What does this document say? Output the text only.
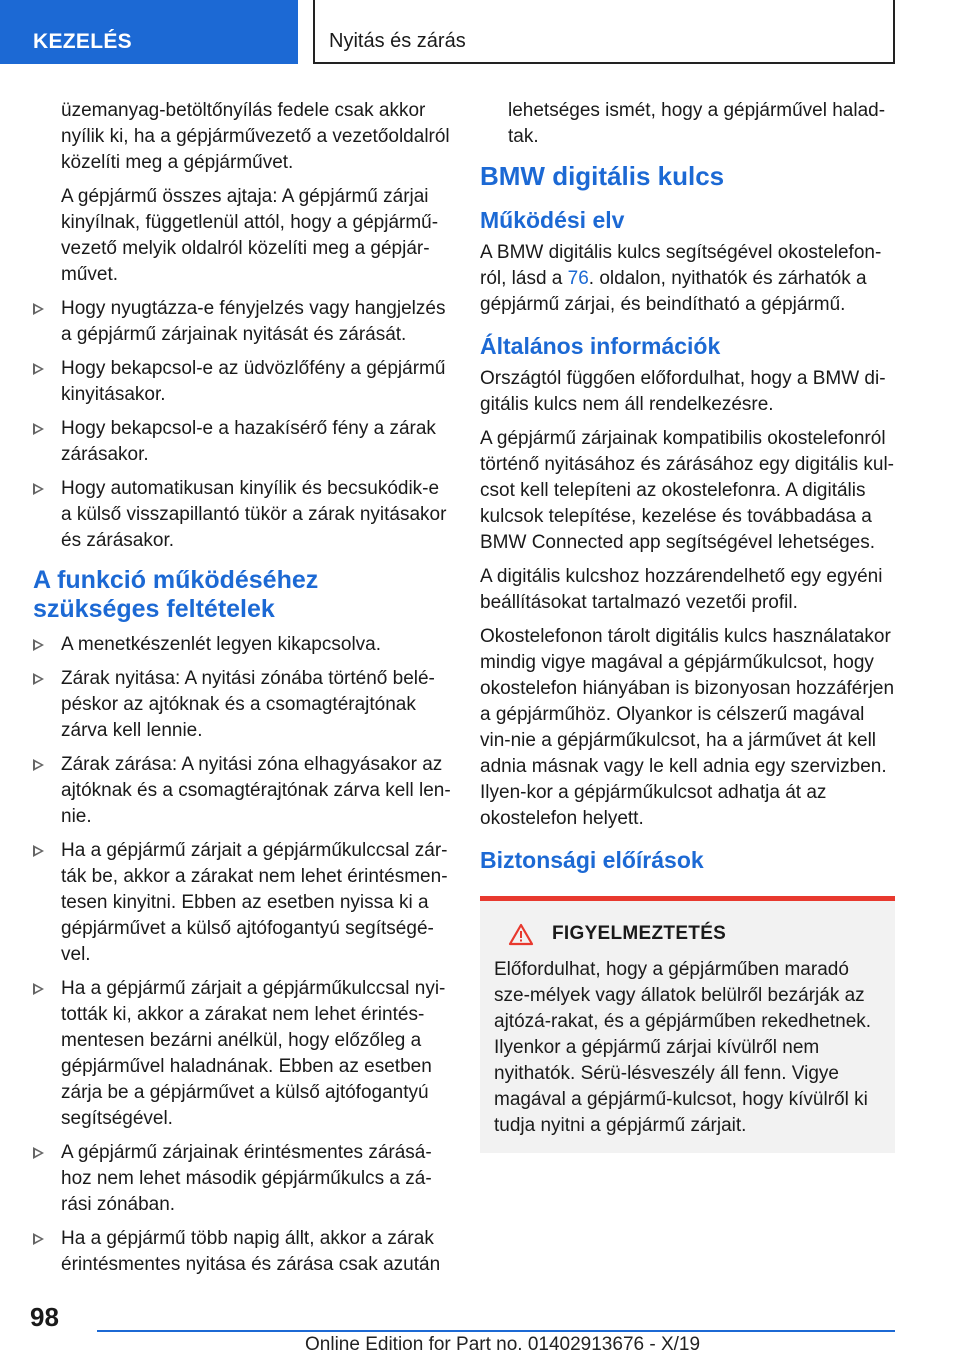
KEZELÉS	Nyitás és zárás

üzemanyag-betöltőnyílás fedele csak akkor nyílik ki, ha a gépjárművezető a vezetőoldalról közelíti meg a gépjárművet.

A gépjármű összes ajtaja: A gépjármű zárjai kinyílnak, függetlenül attól, hogy a gépjármű-vezető melyik oldalról közelíti meg a gépjár-művet.

Hogy nyugtázza-e fényjelzés vagy hangjelzés a gépjármű zárjainak nyitását és zárását.
Hogy bekapcsol-e az üdvözlőfény a gépjármű kinyitásakor.
Hogy bekapcsol-e a hazakísérő fény a zárak zárásakor.
Hogy automatikusan kinyílik és becsukódik-e a külső visszapillantó tükör a zárak nyitásakor és zárásakor.
A funkció működéséhez szükséges feltételek
A menetkészenlét legyen kikapcsolva.
Zárak nyitása: A nyitási zónába történő belé-péskor az ajtóknak és a csomagtérajtónak zárva kell lennie.
Zárak zárása: A nyitási zóna elhagyásakor az ajtóknak és a csomagtérajtónak zárva kell len-nie.
Ha a gépjármű zárjait a gépjárműkulccsal zár-ták be, akkor a zárakat nem lehet érintésmen-tesen kinyitni. Ebben az esetben nyissa ki a gépjárművet a külső ajtófogantyú segítségé-vel.
Ha a gépjármű zárjait a gépjárműkulccsal nyi-tották ki, akkor a zárakat nem lehet érintés-mentesen bezárni anélkül, hogy előzőleg a gépjárművel haladnának. Ebben az esetben zárja be a gépjárművet a külső ajtófogantyú segítségével.
A gépjármű zárjainak érintésmentes zárásá-hoz nem lehet második gépjárműkulcs a zá-rási zónában.
Ha a gépjármű több napig állt, akkor a zárak érintésmentes nyitása és zárása csak azután

lehetséges ismét, hogy a gépjárművel halad-tak.

BMW digitális kulcs
Működési elv

A BMW digitális kulcs segítségével okostelefon-ról, lásd a 76. oldalon, nyithatók és zárhatók a gépjármű zárjai, és beindítható a gépjármű.

Általános információk

Országtól függően előfordulhat, hogy a BMW di-gitális kulcs nem áll rendelkezésre.

A gépjármű zárjainak kompatibilis okostelefonról történő nyitásához és zárásához egy digitális kul-csot kell telepíteni az okostelefonra. A digitális kulcsok telepítése, kezelése és továbbadása a BMW Connected app segítségével lehetséges.

A digitális kulcshoz hozzárendelhető egy egyéni beállításokat tartalmazó vezetői profil.

Okostelefonon tárolt digitális kulcs használatakor mindig vigye magával a gépjárműkulcsot, hogy okostelefon hiányában is bizonyosan hozzáférjen a gépjárműhöz. Olyankor is célszerű magával vin-nie a gépjárműkulcsot, ha a járművet át kell adnia másnak vagy le kell adnia egy szervizben. Ilyen-kor a gépjárműkulcsot adhatja át az okostelefon helyett.

Biztonsági előírások
FIGYELMEZTETÉS
Előfordulhat, hogy a gépjárműben maradó sze-mélyek vagy állatok belülről bezárják az ajtózá-rakat, és a gépjárműben rekedhetnek. Ilyenkor a gépjármű zárjai kívülről nem nyithatók. Sérü-lésveszély áll fenn. Vigye magával a gépjármű-kulcsot, hogy kívülről ki tudja nyitni a gépjármű zárjait.
98
Online Edition for Part no. 01402913676 - X/19
